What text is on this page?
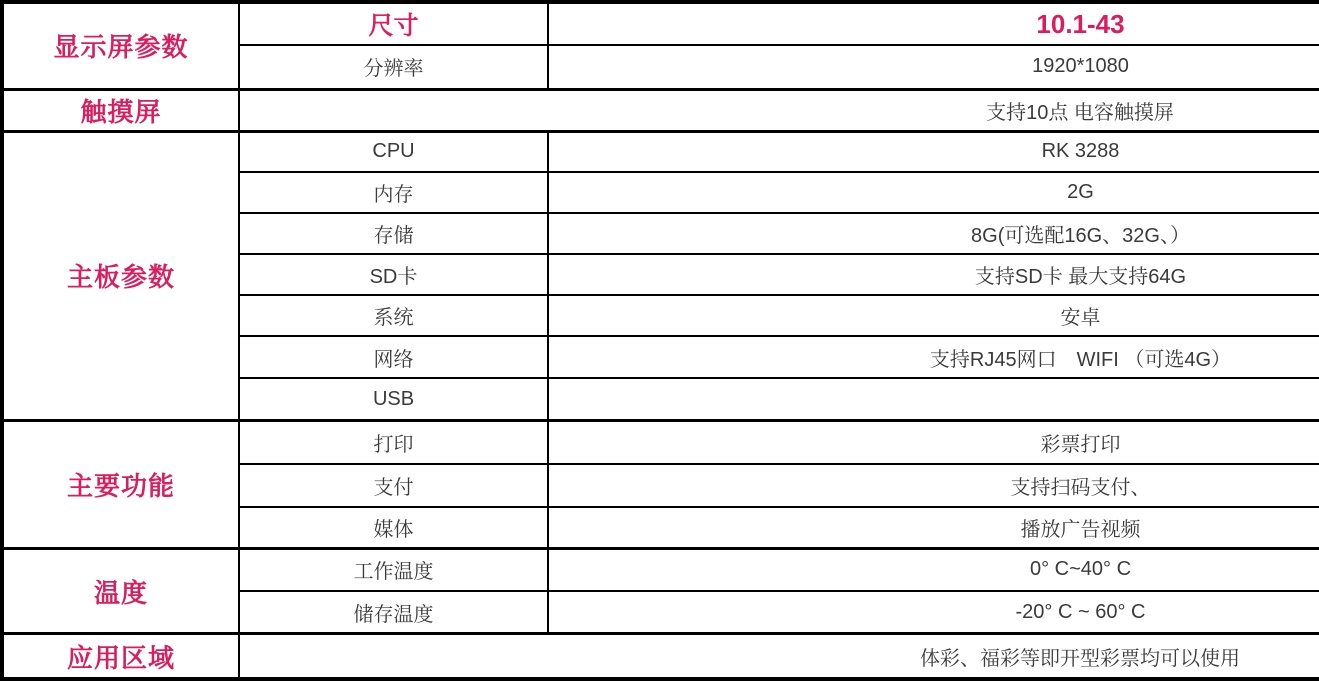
显示屏参数	尺寸	10.1-43
	分辨率	1920*1080
触摸屏	支持10点 电容触摸屏	
主板参数	CPU	RK 3288
	内存	2G
	存储	8G(可选配16G、32G、）
	SD卡	支持SD卡 最大支持64G
	系统	安卓
	网络	支持RJ45网口　WIFI （可选4G）
	USB	
主要功能	打印	彩票打印
	支付	支持扫码支付、
	媒体	播放广告视频
温度	工作温度	0° C~40° C
	储存温度	-20° C ~ 60° C
应用区域	体彩、福彩等即开型彩票均可以使用	
